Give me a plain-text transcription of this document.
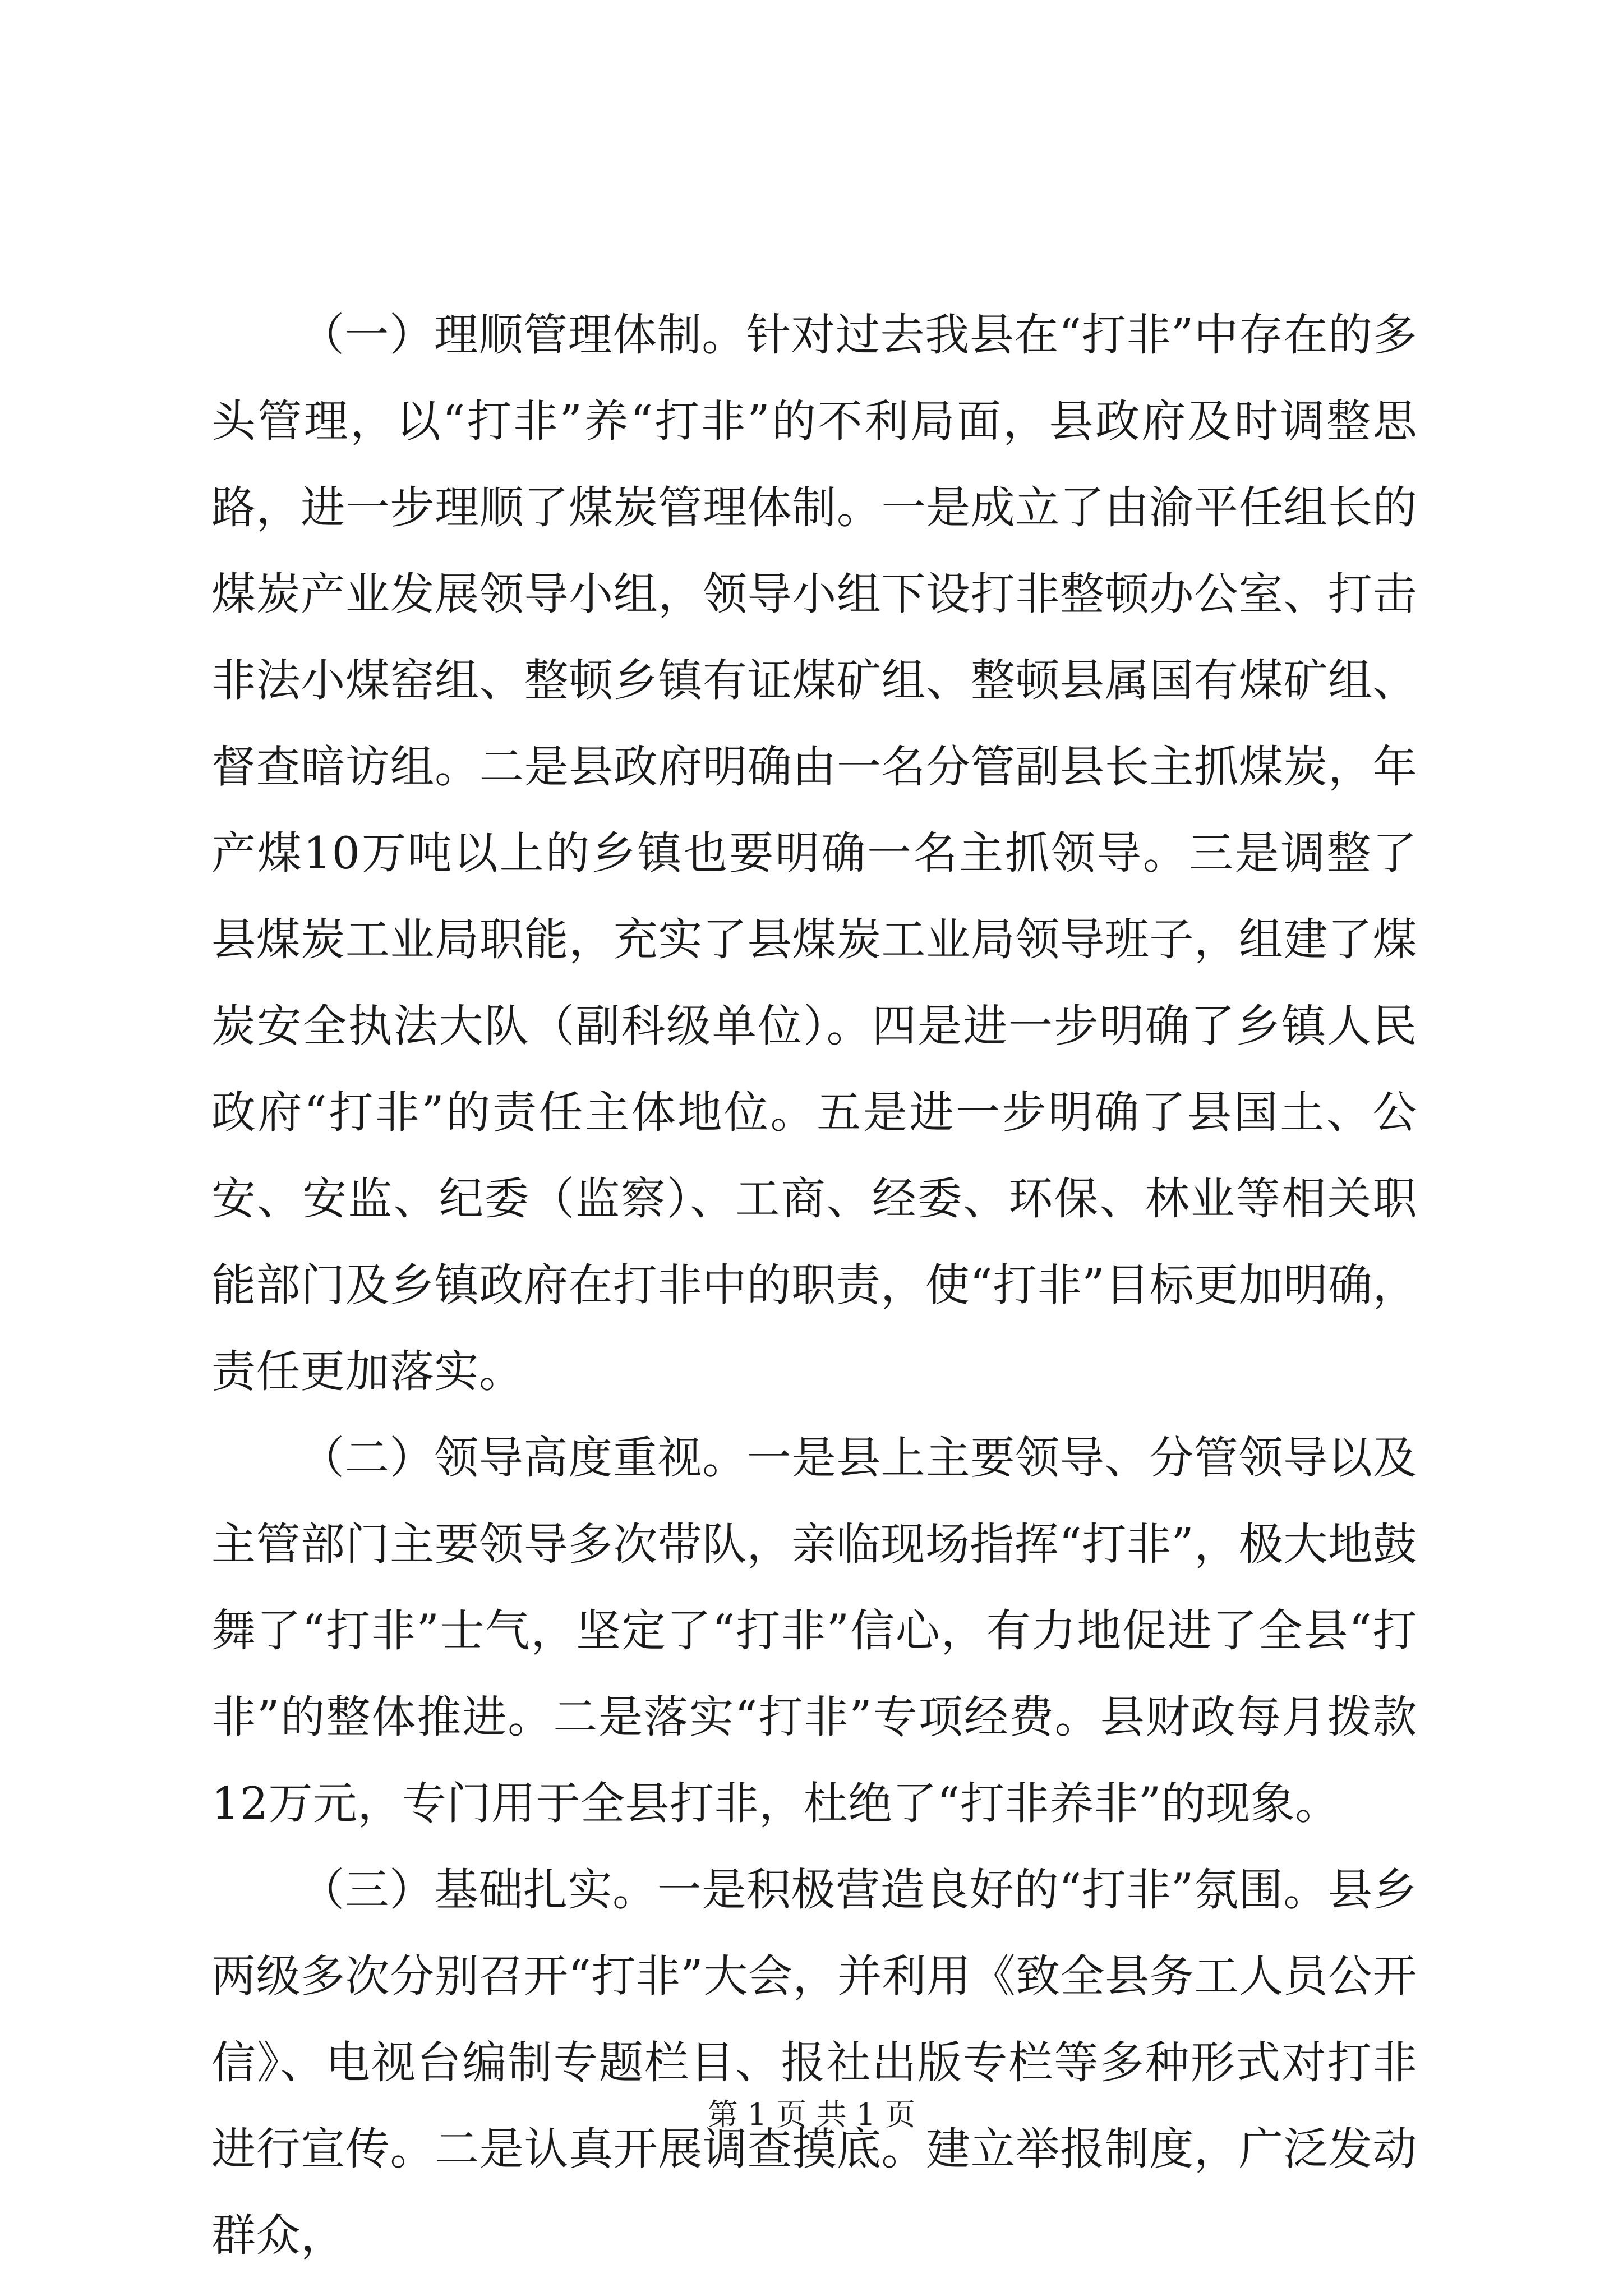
（一）理顺管理体制。针对过去我县在“打非”中存在的多头管理，以“打非”养“打非”的不利局面，县政府及时调整思路，进一步理顺了煤炭管理体制。一是成立了由渝平任组长的煤炭产业发展领导小组，领导小组下设打非整顿办公室、打击非法小煤窑组、整顿乡镇有证煤矿组、整顿县属国有煤矿组、督查暗访组。二是县政府明确由一名分管副县长主抓煤炭，年产煤10万吨以上的乡镇也要明确一名主抓领导。三是调整了县煤炭工业局职能，充实了县煤炭工业局领导班子，组建了煤炭安全执法大队（副科级单位）。四是进一步明确了乡镇人民政府“打非”的责任主体地位。五是进一步明确了县国土、公安、安监、纪委（监察）、工商、经委、环保、林业等相关职能部门及乡镇政府在打非中的职责，使“打非”目标更加明确，责任更加落实。

（二）领导高度重视。一是县上主要领导、分管领导以及主管部门主要领导多次带队，亲临现场指挥“打非”，极大地鼓舞了“打非”士气，坚定了“打非”信心，有力地促进了全县“打非”的整体推进。二是落实“打非”专项经费。县财政每月拨款12万元，专门用于全县打非，杜绝了“打非养非”的现象。

（三）基础扎实。一是积极营造良好的“打非”氛围。县乡两级多次分别召开“打非”大会，并利用《致全县务工人员公开信》、电视台编制专题栏目、报社出版专栏等多种形式对打非进行宣传。二是认真开展调查摸底。建立举报制度，广泛发动群众，

第 1 页 共 1 页
